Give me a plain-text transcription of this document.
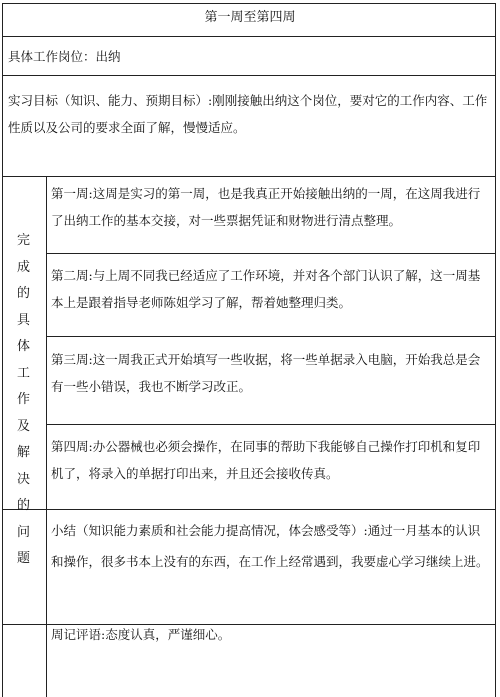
第一周至第四周
具体工作岗位：出纳
实习目标（知识、能力、预期目标）:刚刚接触出纳这个岗位，要对它的工作内容、工作性质以及公司的要求全面了解，慢慢适应。
完成
的具
体工
作及
解决
的问
题
第一周:这周是实习的第一周，也是我真正开始接触出纳的一周，在这周我进行了出纳工作的基本交接，对一些票据凭证和财物进行清点整理。
第二周:与上周不同我已经适应了工作环境，并对各个部门认识了解，这一周基本上是跟着指导老师陈姐学习了解，帮着她整理归类。
第三周:这一周我正式开始填写一些收据，将一些单据录入电脑，开始我总是会有一些小错误，我也不断学习改正。
第四周:办公器械也必须会操作，在同事的帮助下我能够自己操作打印机和复印机了，将录入的单据打印出来，并且还会接收传真。
小结（知识能力素质和社会能力提高情况，体会感受等）:通过一月基本的认识和操作，很多书本上没有的东西，在工作上经常遇到，我要虚心学习继续上进。
周记评语:态度认真，严谨细心。
